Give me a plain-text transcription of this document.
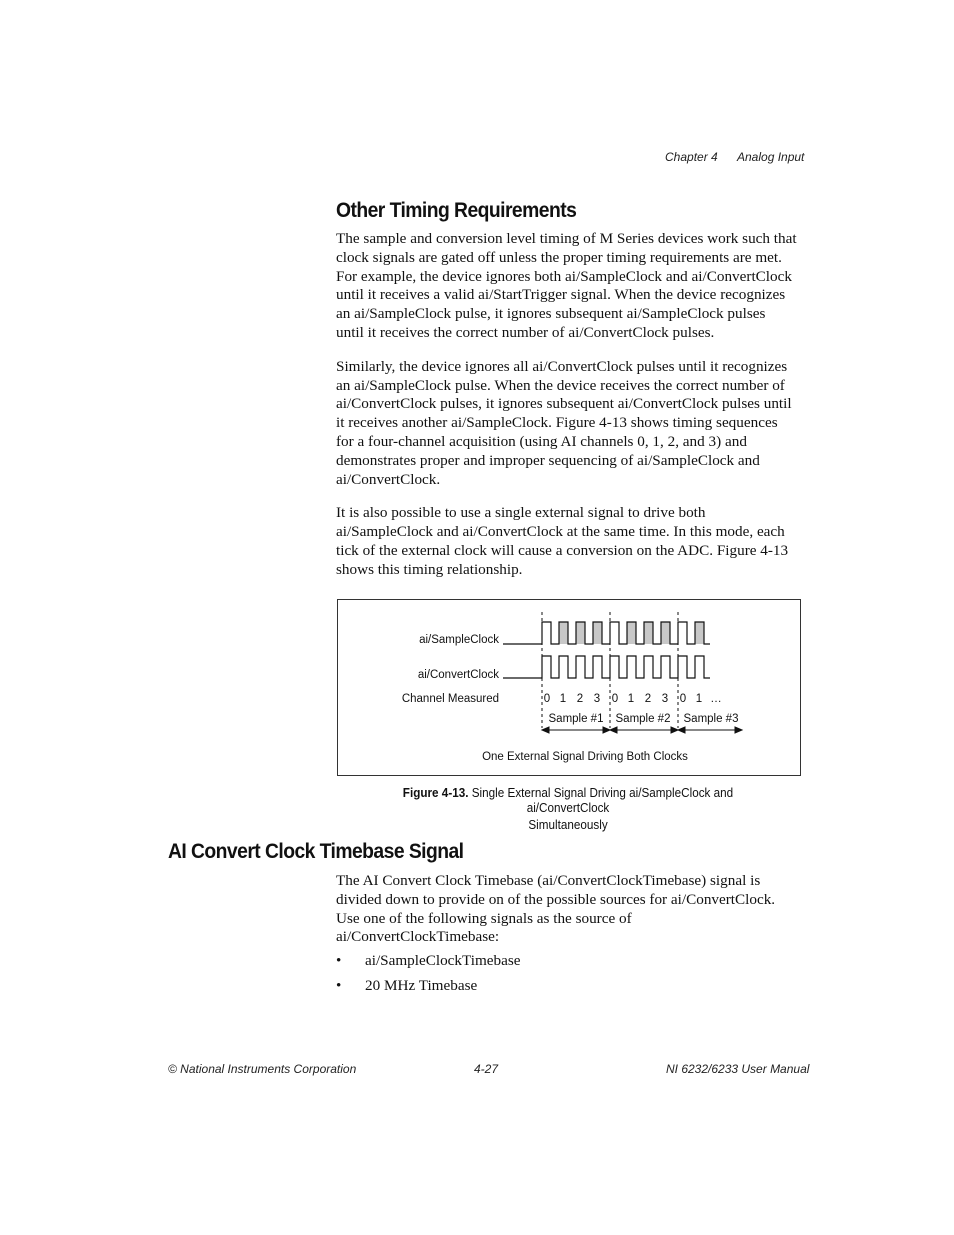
Chapter 4 Analog Input
Other Timing Requirements

The sample and conversion level timing of M Series devices work such that
clock signals are gated off unless the proper timing requirements are met.
For example, the device ignores both ai/SampleClock and ai/ConvertClock
until it receives a valid ai/StartTrigger signal. When the device recognizes
an ai/SampleClock pulse, it ignores subsequent ai/SampleClock pulses
until it receives the correct number of ai/ConvertClock pulses.

Similarly, the device ignores all ai/ConvertClock pulses until it recognizes
an ai/SampleClock pulse. When the device receives the correct number of
ai/ConvertClock pulses, it ignores subsequent ai/ConvertClock pulses until
it receives another ai/SampleClock. Figure 4-13 shows timing sequences
for a four-channel acquisition (using AI channels 0, 1, 2, and 3) and
demonstrates proper and improper sequencing of ai/SampleClock and
ai/ConvertClock.

It is also possible to use a single external signal to drive both
ai/SampleClock and ai/ConvertClock at the same time. In this mode, each
tick of the external clock will cause a conversion on the ADC. Figure 4-13
shows this timing relationship.

ai/SampleClock
ai/ConvertClock
Channel Measured	0 1 2 3 0 1 2 3 0 1 …
Sample #1 Sample #2 Sample #3
One External Signal Driving Both Clocks
Figure 4-13. Single External Signal Driving ai/SampleClock and ai/ConvertClock
Simultaneously
AI Convert Clock Timebase Signal

The AI Convert Clock Timebase (ai/ConvertClockTimebase) signal is
divided down to provide on of the possible sources for ai/ConvertClock.
Use one of the following signals as the source of
ai/ConvertClockTimebase:

• ai/SampleClockTimebase
• 20 MHz Timebase
© National Instruments Corporation	4-27	NI 6232/6233 User Manual
